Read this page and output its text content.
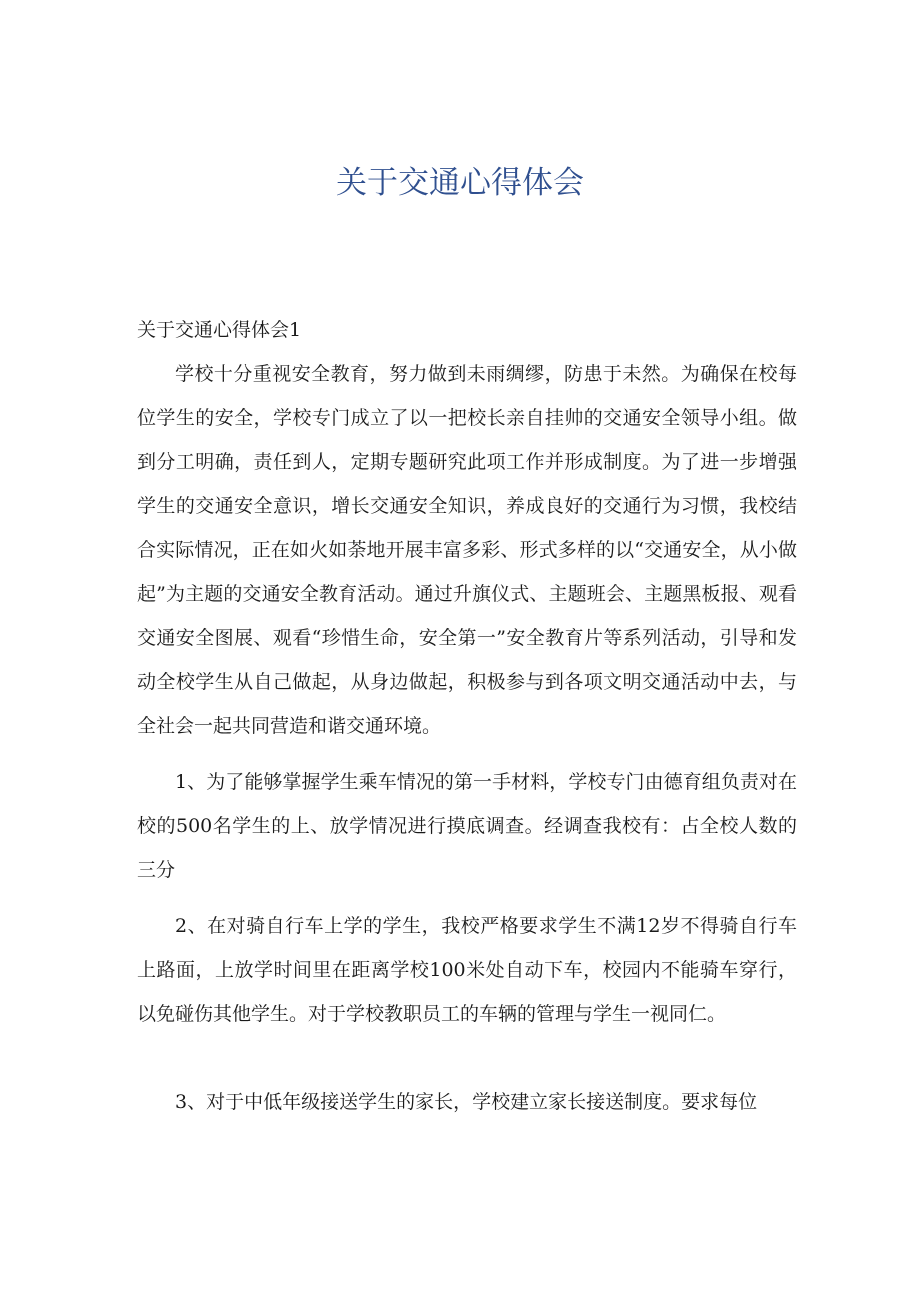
关于交通心得体会

关于交通心得体会1

学校十分重视安全教育，努力做到未雨绸缪，防患于未然。为确保在校每位学生的安全，学校专门成立了以一把校长亲自挂帅的交通安全领导小组。做到分工明确，责任到人，定期专题研究此项工作并形成制度。为了进一步增强学生的交通安全意识，增长交通安全知识，养成良好的交通行为习惯，我校结合实际情况，正在如火如荼地开展丰富多彩、形式多样的以“交通安全，从小做起”为主题的交通安全教育活动。通过升旗仪式、主题班会、主题黑板报、观看交通安全图展、观看“珍惜生命，安全第一”安全教育片等系列活动，引导和发动全校学生从自己做起，从身边做起，积极参与到各项文明交通活动中去，与全社会一起共同营造和谐交通环境。

1、为了能够掌握学生乘车情况的第一手材料，学校专门由德育组负责对在校的500名学生的上、放学情况进行摸底调查。经调查我校有：占全校人数的三分

2、在对骑自行车上学的学生，我校严格要求学生不满12岁不得骑自行车上路面，上放学时间里在距离学校100米处自动下车，校园内不能骑车穿行，以免碰伤其他学生。对于学校教职员工的车辆的管理与学生一视同仁。

3、对于中低年级接送学生的家长，学校建立家长接送制度。要求每位
